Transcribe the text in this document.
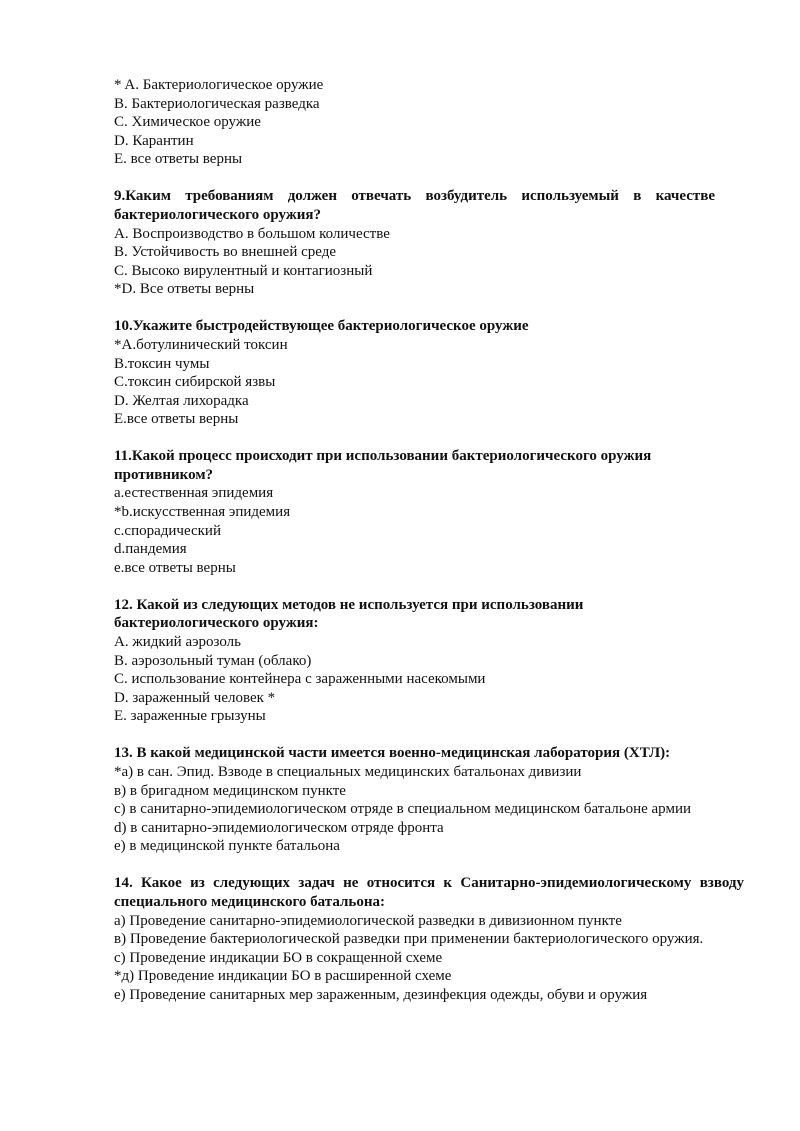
* A. Бактериологическое оружие
B. Бактериологическая разведка
C. Химическое оружие
D. Карантин
E. все ответы верны
9.Каким требованиям должен отвечать возбудитель используемый в качестве бактериологического оружия?
A. Воспроизводство в большом количестве
B. Устойчивость во внешней среде
C. Высоко вирулентный и контагиозный
*D. Все ответы верны
10.Укажите быстродействующее бактериологическое оружие
*A.ботулинический токсин
B.токсин чумы
C.токсин сибирской язвы
D. Желтая лихорадка
E.все ответы верны
11.Какой процесс происходит при использовании бактериологического оружия
противником?
a.естественная эпидемия
*b.искусственная эпидемия
c.спорадический
d.пандемия
e.все ответы верны
12. Какой из следующих методов не используется при использовании
бактериологического оружия:
A. жидкий аэрозоль
B. аэрозольный туман (облако)
C. использование контейнера с зараженными насекомыми
D. зараженный человек *
E. зараженные грызуны
13. В какой медицинской части имеется военно-медицинская лаборатория (ХТЛ):
*а) в сан. Эпид. Взводе в специальных медицинских батальонах дивизии
в) в бригадном медицинском пункте
с) в санитарно-эпидемиологическом отряде в специальном медицинском батальоне армии
d) в санитарно-эпидемиологическом отряде фронта
е) в медицинской пункте батальона
14. Какое из следующих задач не относится к Санитарно-эпидемиологическому взводу специального медицинского батальона:
а) Проведение санитарно-эпидемиологической разведки в дивизионном пункте
в) Проведение бактериологической разведки при применении бактериологического оружия.
с) Проведение индикации БО в сокращенной схеме
*д) Проведение индикации БО в расширенной схеме
е) Проведение санитарных мер зараженным, дезинфекция одежды, обуви и оружия
